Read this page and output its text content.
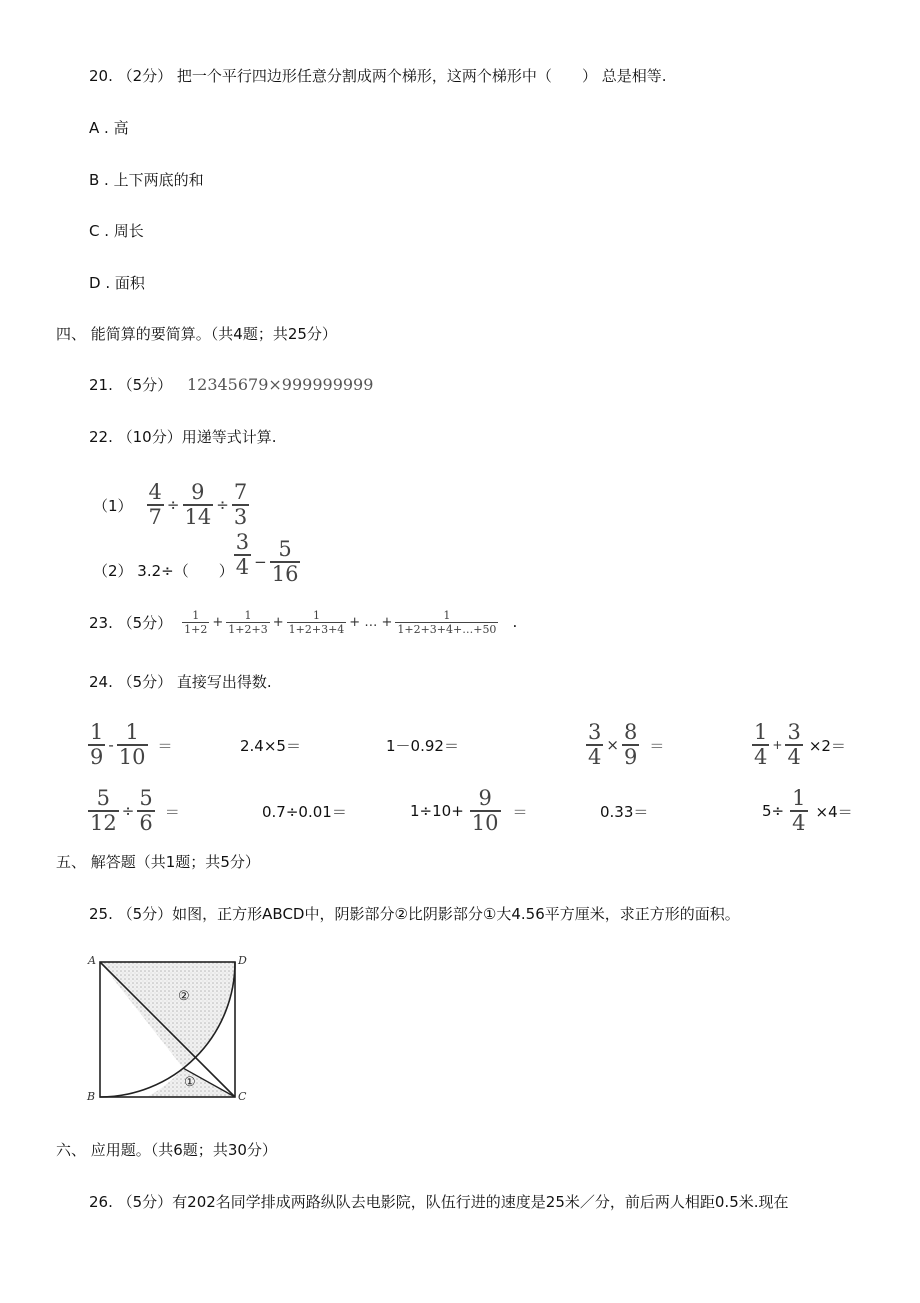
20. （2分） 把一个平行四边形任意分割成两个梯形，这两个梯形中（　　） 总是相等.
A . 高
B . 上下两底的和
C . 周长
D . 面积
四、 能简算的要简算。（共4题；共25分）
21. （5分） 12345679×999999999
22. （10分）用递等式计算.
$(1) \frac{4}{7} \div \frac{9}{14} \div \frac{7}{3}$
（2） 3.2÷（　　） $\frac{3}{4} - \frac{5}{16}$
23. （5分） $\frac{1}{1+2} + \frac{1}{1+2+3} + \frac{1}{1+2+3+4}$ + … + $\frac{1}{1+2+3+4+\dots+50}$ .
24. （5分） 直接写出得数.
$\frac{1}{9} - \frac{1}{10}$ ＝	2.4×5＝	1－0.92＝	$\frac{3}{4} \times \frac{8}{9}$ ＝	$\frac{1}{4} + \frac{3}{4} \times 2=$
$\frac{5}{12} \div \frac{5}{6}$ ＝	0.7÷0.01＝	$1\div 10+ \frac{9}{10}$ ＝	0.33＝	$5\div \frac{1}{4} \times 4=$
五、 解答题（共1题；共5分）
25. （5分）如图，正方形ABCD中，阴影部分②比阴影部分①大4.56平方厘米，求正方形的面积。
A	D
B	C
②
①
六、 应用题。（共6题；共30分）
26. （5分）有202名同学排成两路纵队去电影院，队伍行进的速度是25米／分，前后两人相距0.5米.现在
